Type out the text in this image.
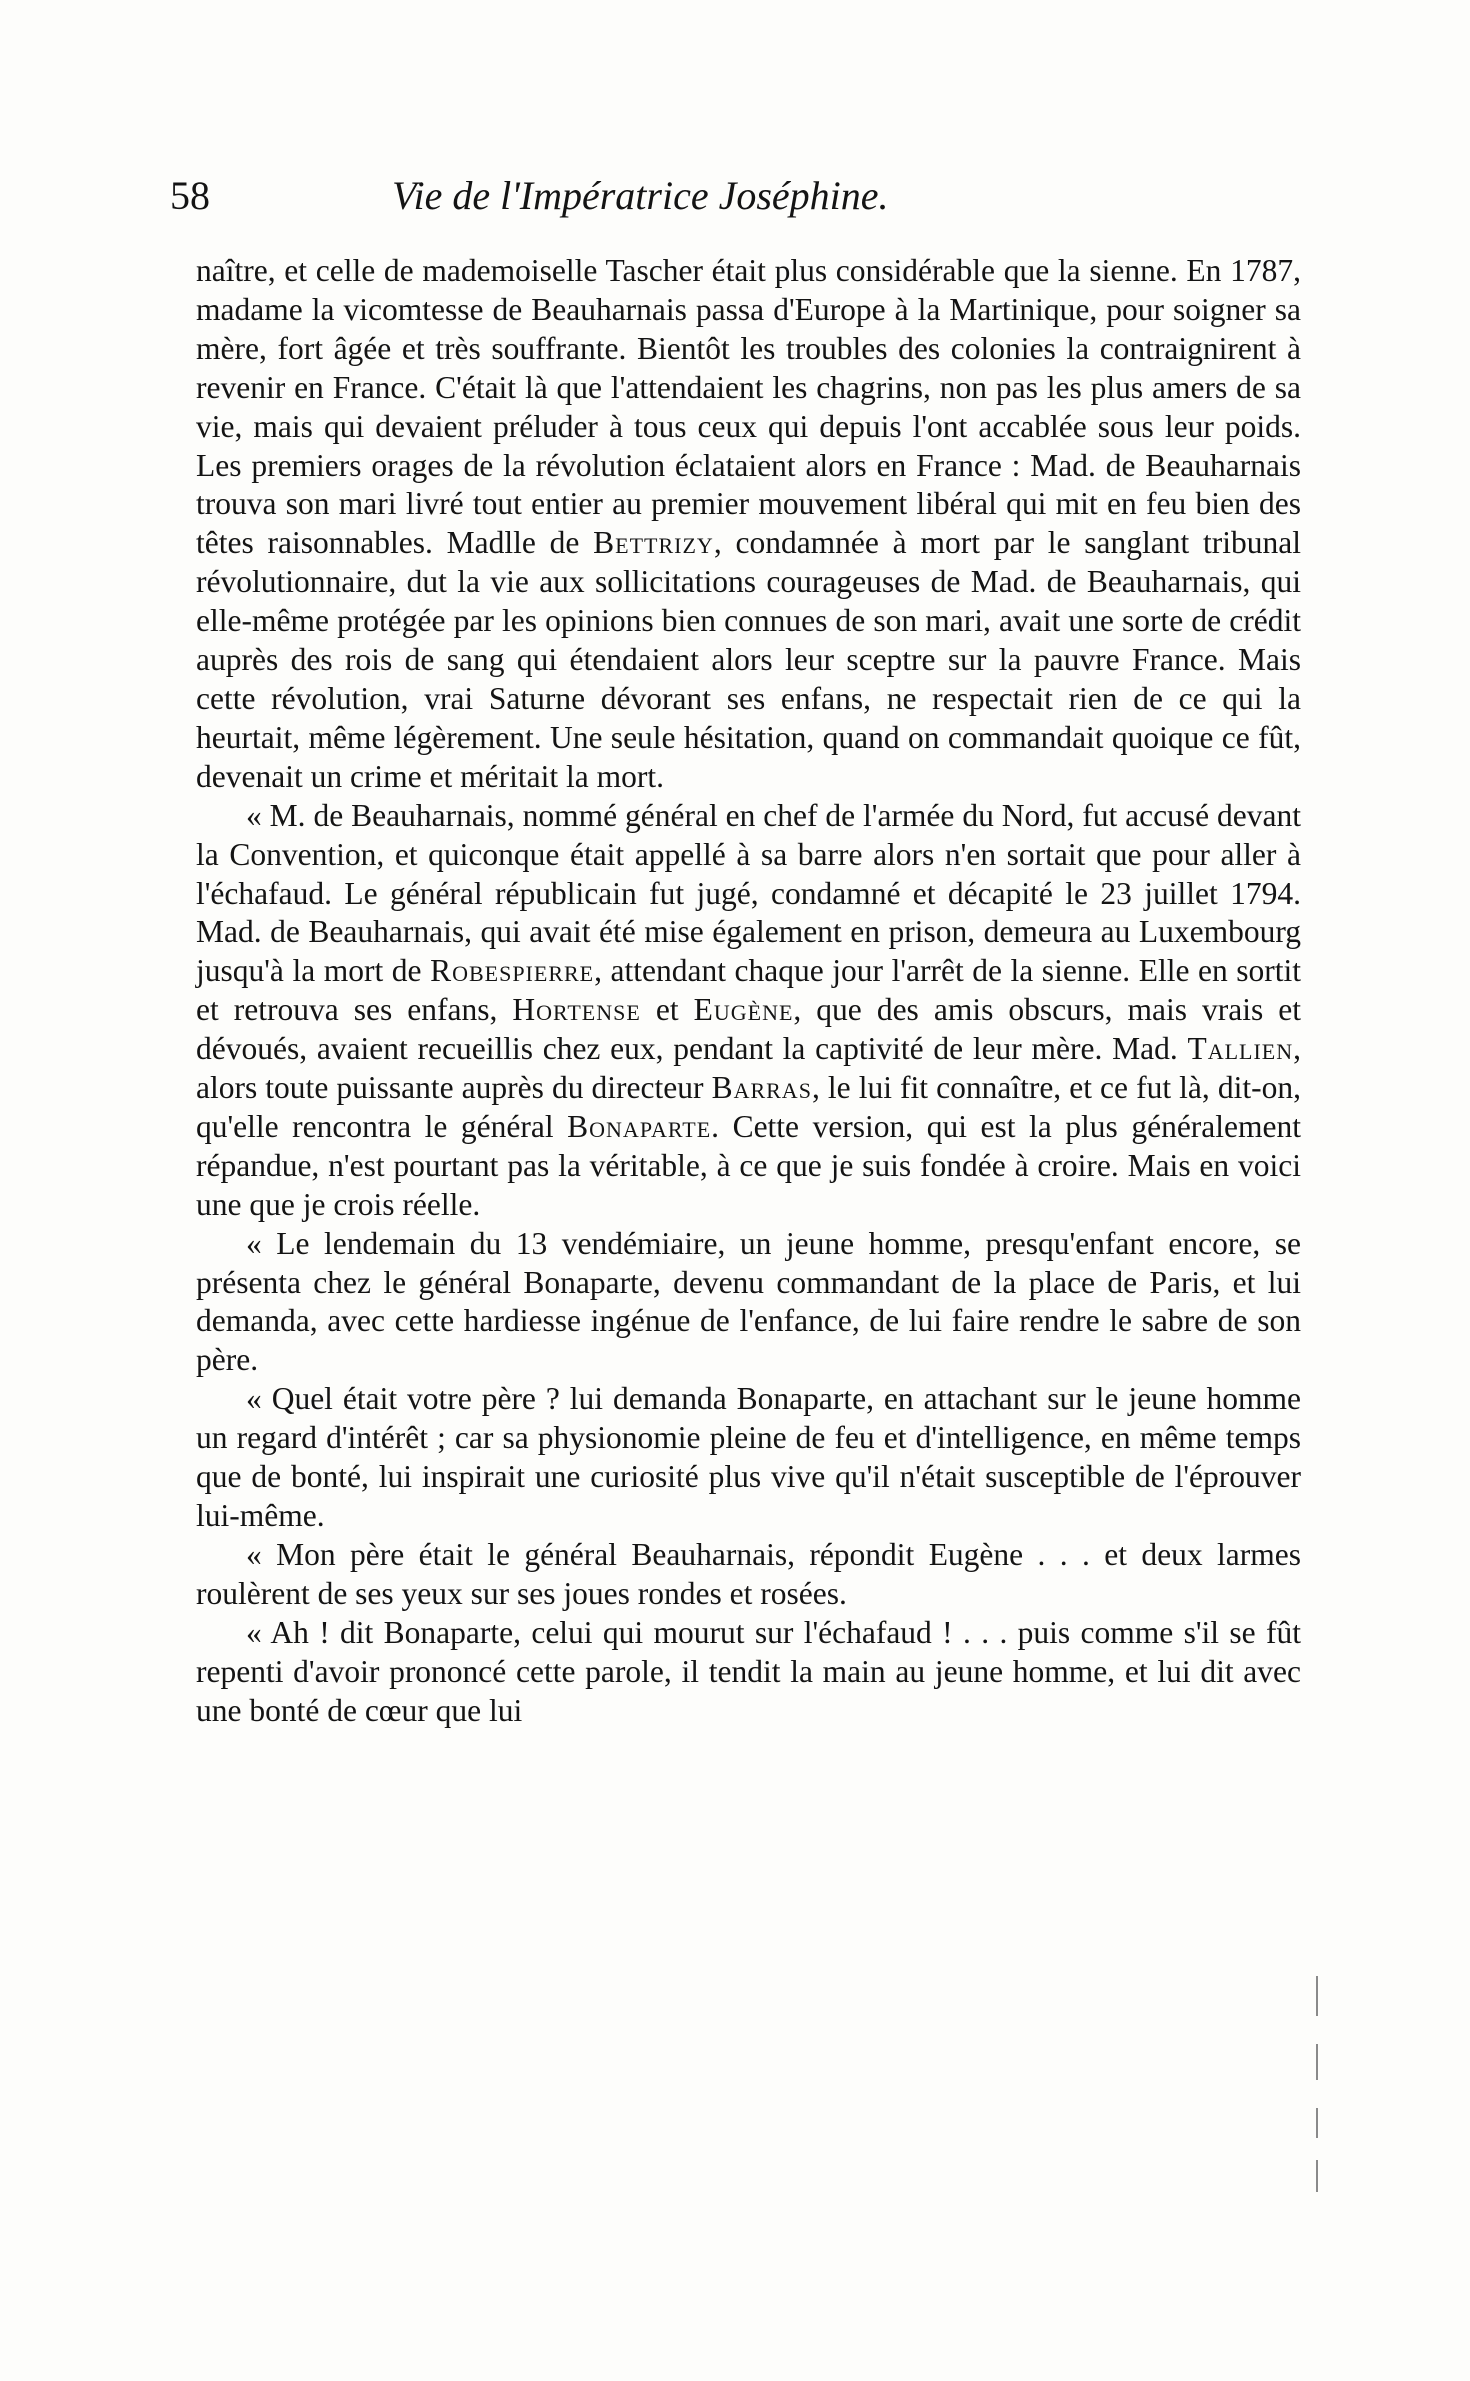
58	Vie de l'Impératrice Joséphine.

naître, et celle de mademoiselle Tascher était plus considérable que la sienne. En 1787, madame la vicomtesse de Beauharnais passa d'Europe à la Martinique, pour soigner sa mère, fort âgée et très souffrante. Bientôt les troubles des colonies la contraignirent à revenir en France. C'était là que l'attendaient les chagrins, non pas les plus amers de sa vie, mais qui devaient préluder à tous ceux qui depuis l'ont accablée sous leur poids. Les premiers orages de la révolution éclataient alors en France : Mad. de Beauharnais trouva son mari livré tout entier au premier mouvement libéral qui mit en feu bien des têtes raisonnables. Madlle de Bettrizy, condamnée à mort par le sanglant tribunal révolutionnaire, dut la vie aux sollicitations courageuses de Mad. de Beauharnais, qui elle-même protégée par les opinions bien connues de son mari, avait une sorte de crédit auprès des rois de sang qui étendaient alors leur sceptre sur la pauvre France. Mais cette révolution, vrai Saturne dévorant ses enfans, ne respectait rien de ce qui la heurtait, même légèrement. Une seule hésitation, quand on commandait quoique ce fût, devenait un crime et méritait la mort.

« M. de Beauharnais, nommé général en chef de l'armée du Nord, fut accusé devant la Convention, et quiconque était appellé à sa barre alors n'en sortait que pour aller à l'échafaud. Le général républicain fut jugé, condamné et décapité le 23 juillet 1794. Mad. de Beauharnais, qui avait été mise également en prison, demeura au Luxembourg jusqu'à la mort de Robespierre, attendant chaque jour l'arrêt de la sienne. Elle en sortit et retrouva ses enfans, Hortense et Eugène, que des amis obscurs, mais vrais et dévoués, avaient recueillis chez eux, pendant la captivité de leur mère. Mad. Tallien, alors toute puissante auprès du directeur Barras, le lui fit connaître, et ce fut là, dit-on, qu'elle rencontra le général Bonaparte. Cette version, qui est la plus généralement répandue, n'est pourtant pas la véritable, à ce que je suis fondée à croire. Mais en voici une que je crois réelle.

« Le lendemain du 13 vendémiaire, un jeune homme, presqu'enfant encore, se présenta chez le général Bonaparte, devenu commandant de la place de Paris, et lui demanda, avec cette hardiesse ingénue de l'enfance, de lui faire rendre le sabre de son père.

« Quel était votre père ? lui demanda Bonaparte, en attachant sur le jeune homme un regard d'intérêt ; car sa physionomie pleine de feu et d'intelligence, en même temps que de bonté, lui inspirait une curiosité plus vive qu'il n'était susceptible de l'éprouver lui-même.

« Mon père était le général Beauharnais, répondit Eugène . . . et deux larmes roulèrent de ses yeux sur ses joues rondes et rosées.

« Ah ! dit Bonaparte, celui qui mourut sur l'échafaud ! . . . puis comme s'il se fût repenti d'avoir prononcé cette parole, il tendit la main au jeune homme, et lui dit avec une bonté de cœur que lui
